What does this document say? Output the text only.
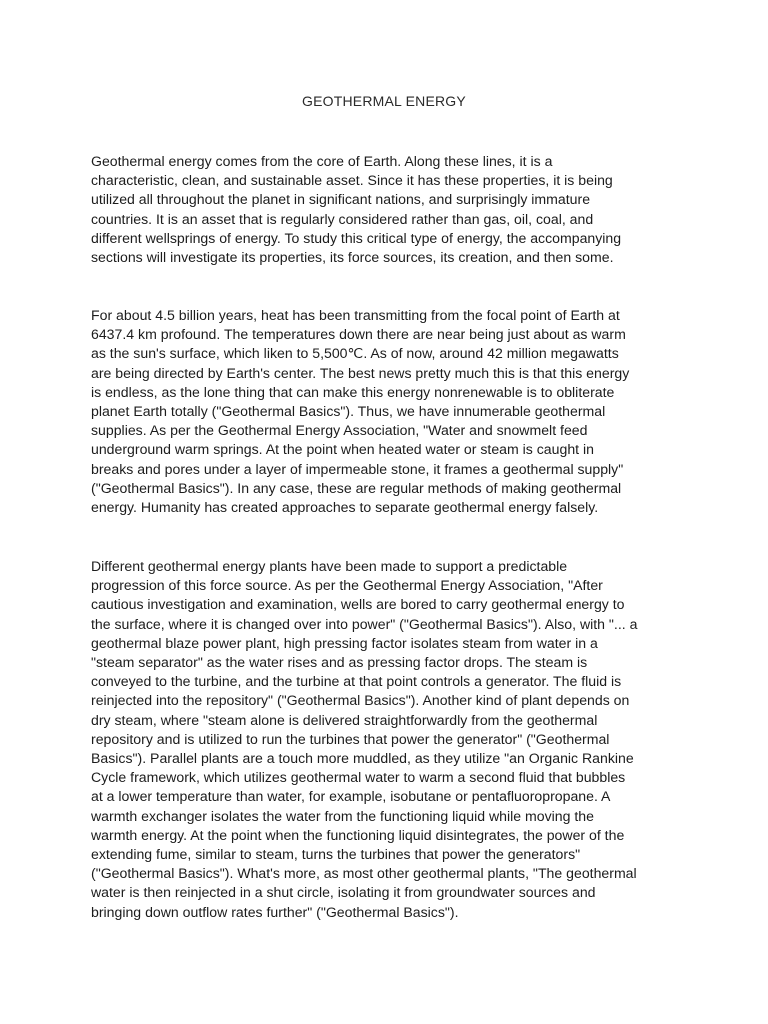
GEOTHERMAL ENERGY

Geothermal energy comes from the core of Earth. Along these lines, it is a
characteristic, clean, and sustainable asset. Since it has these properties, it is being
utilized all throughout the planet in significant nations, and surprisingly immature
countries. It is an asset that is regularly considered rather than gas, oil, coal, and
different wellsprings of energy. To study this critical type of energy, the accompanying
sections will investigate its properties, its force sources, its creation, and then some.

For about 4.5 billion years, heat has been transmitting from the focal point of Earth at
6437.4 km profound. The temperatures down there are near being just about as warm
as the sun's surface, which liken to 5,500℃. As of now, around 42 million megawatts
are being directed by Earth's center. The best news pretty much this is that this energy
is endless, as the lone thing that can make this energy nonrenewable is to obliterate
planet Earth totally ("Geothermal Basics"). Thus, we have innumerable geothermal
supplies. As per the Geothermal Energy Association, "Water and snowmelt feed
underground warm springs. At the point when heated water or steam is caught in
breaks and pores under a layer of impermeable stone, it frames a geothermal supply"
("Geothermal Basics"). In any case, these are regular methods of making geothermal
energy. Humanity has created approaches to separate geothermal energy falsely.

Different geothermal energy plants have been made to support a predictable
progression of this force source. As per the Geothermal Energy Association, "After
cautious investigation and examination, wells are bored to carry geothermal energy to
the surface, where it is changed over into power" ("Geothermal Basics"). Also, with "... a
geothermal blaze power plant, high pressing factor isolates steam from water in a
"steam separator" as the water rises and as pressing factor drops. The steam is
conveyed to the turbine, and the turbine at that point controls a generator. The fluid is
reinjected into the repository" ("Geothermal Basics"). Another kind of plant depends on
dry steam, where "steam alone is delivered straightforwardly from the geothermal
repository and is utilized to run the turbines that power the generator" ("Geothermal
Basics"). Parallel plants are a touch more muddled, as they utilize "an Organic Rankine
Cycle framework, which utilizes geothermal water to warm a second fluid that bubbles
at a lower temperature than water, for example, isobutane or pentafluoropropane. A
warmth exchanger isolates the water from the functioning liquid while moving the
warmth energy. At the point when the functioning liquid disintegrates, the power of the
extending fume, similar to steam, turns the turbines that power the generators"
("Geothermal Basics"). What's more, as most other geothermal plants, "The geothermal
water is then reinjected in a shut circle, isolating it from groundwater sources and
bringing down outflow rates further" ("Geothermal Basics").
